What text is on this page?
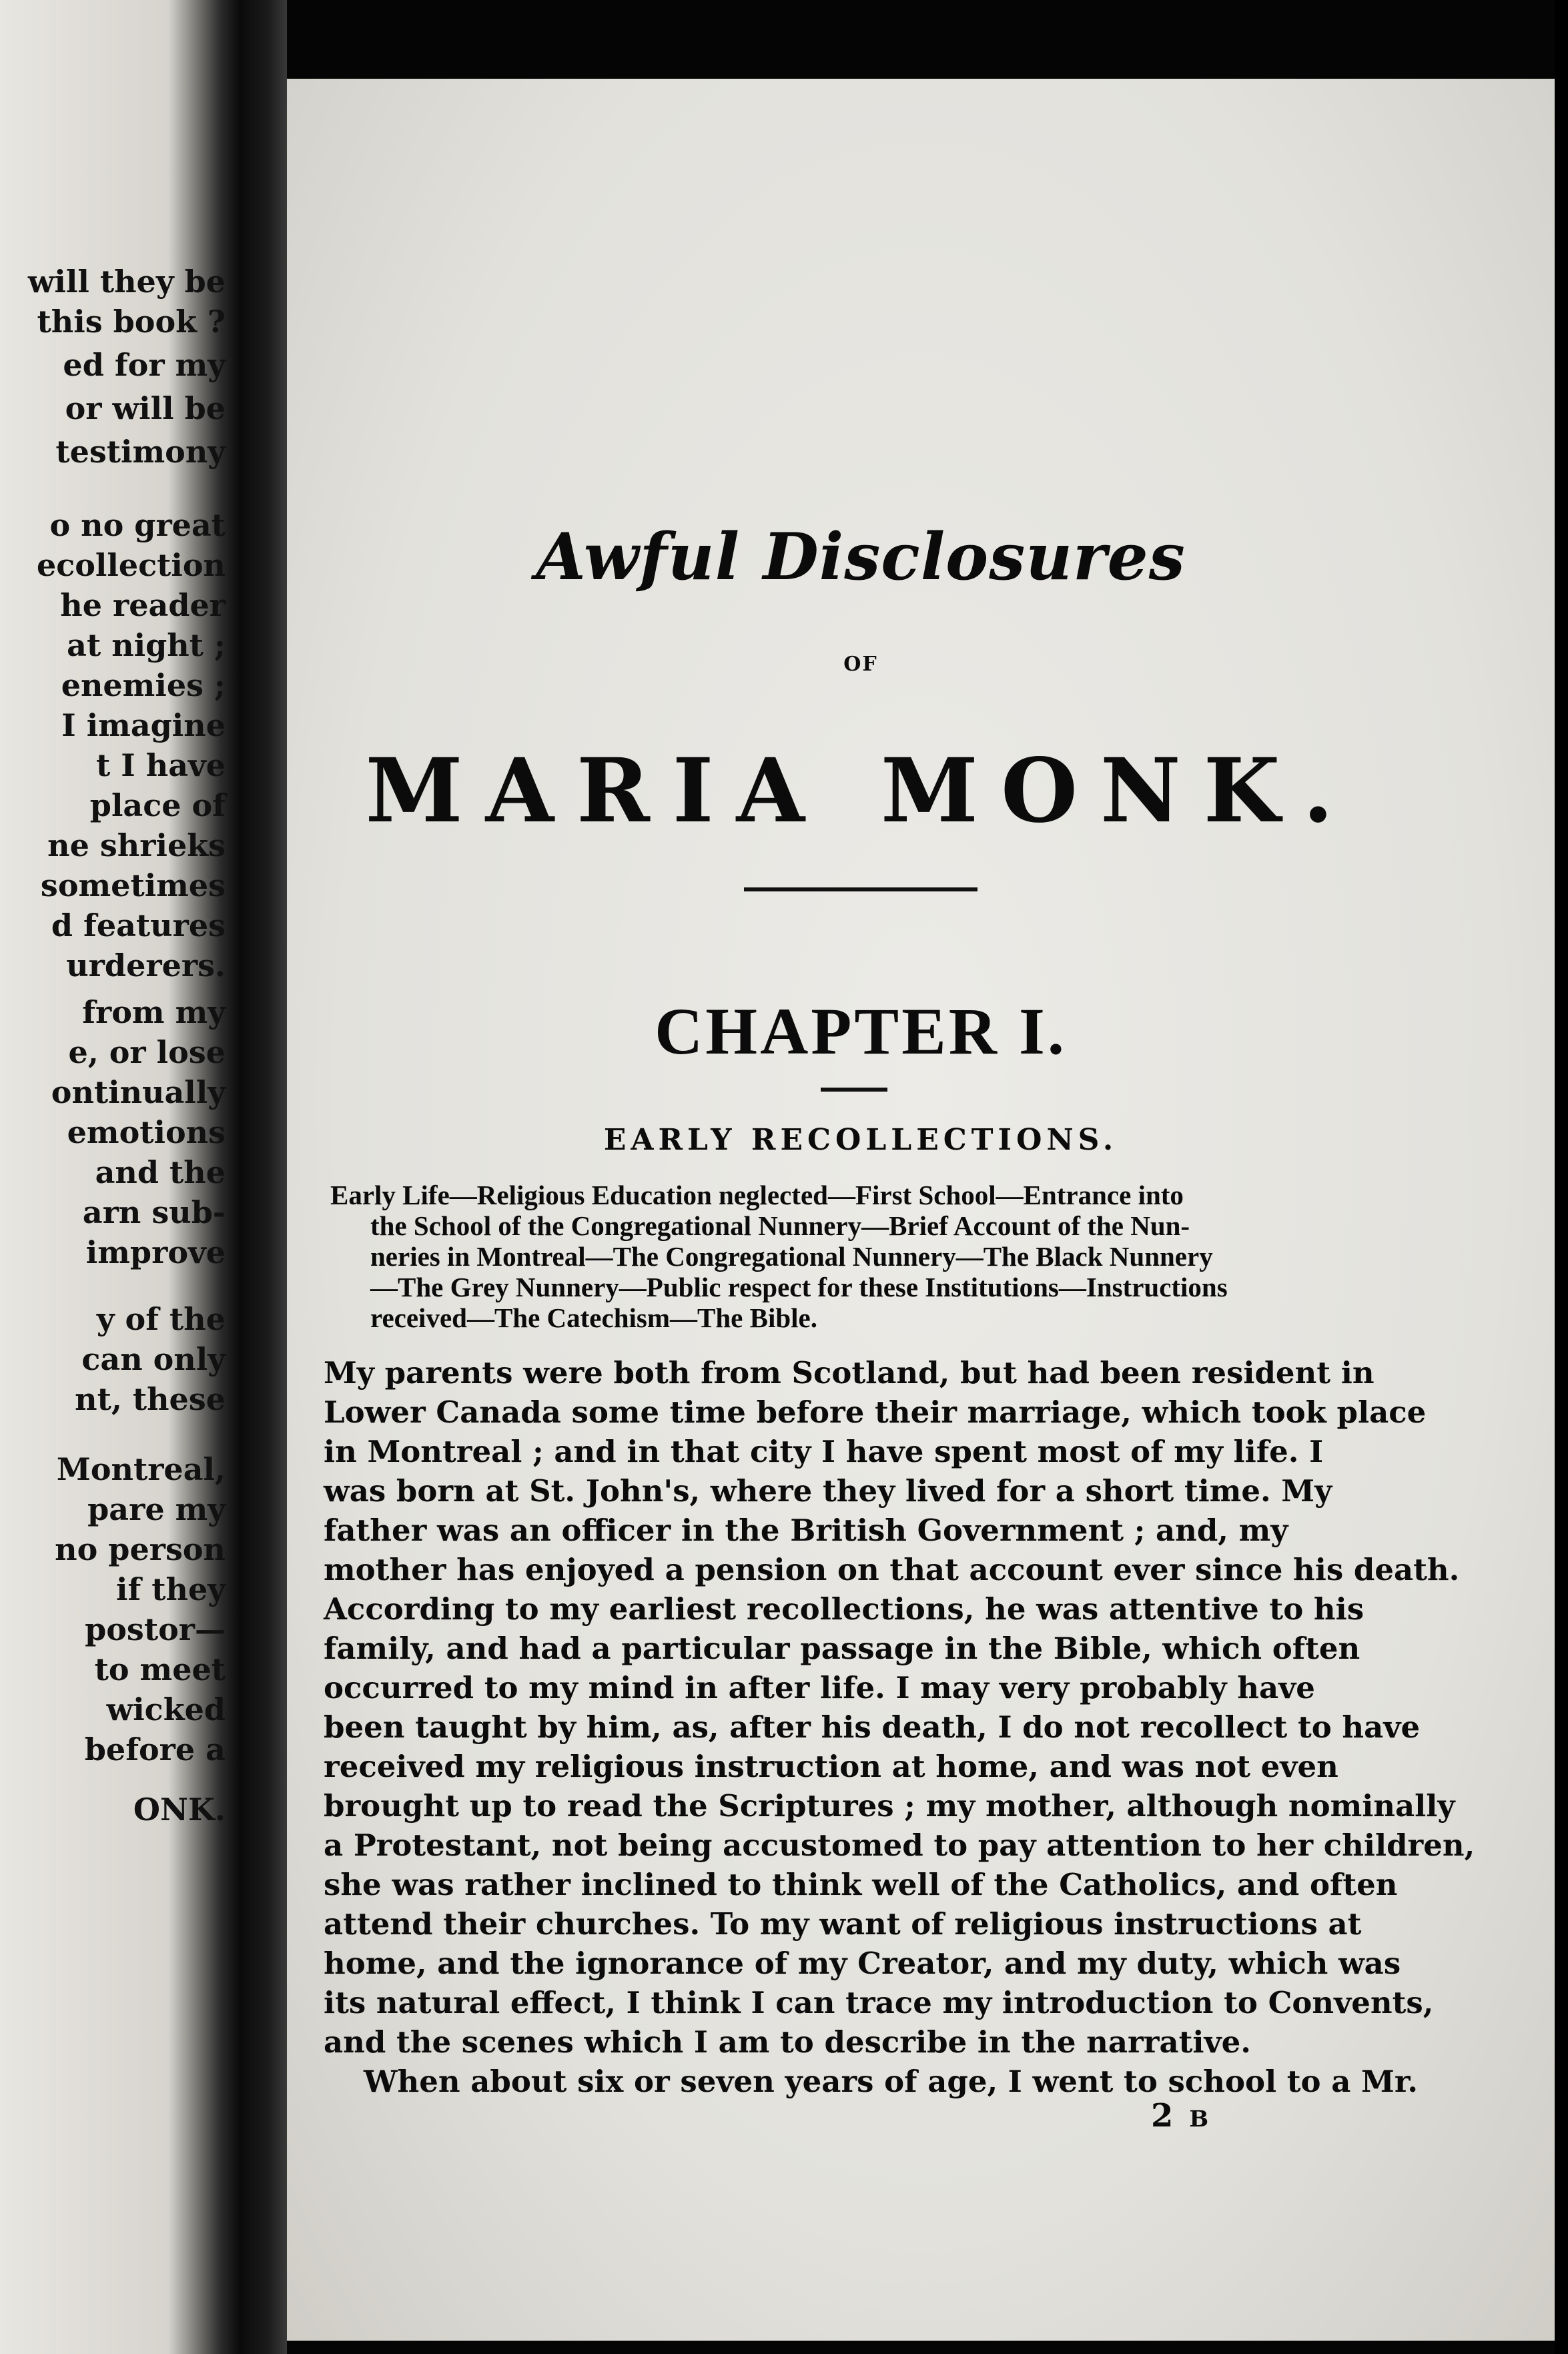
will they be
this book ?
ed for my
or will be
testimony
o no great
ecollection
he reader
at night ;
enemies ;
I imagine
t I have
place of
ne shrieks
sometimes
d features
urderers.
from my
e, or lose
ontinually
emotions
and the
arn sub-
improve
y of the
can only
nt, these
Montreal,
pare my
no person
if they
postor—
to meet
wicked
before a
ONK.
Awful Disclosures
OF
MARIA MONK.
CHAPTER I.
EARLY RECOLLECTIONS.
Early Life—Religious Education neglected—First School—Entrance into
the School of the Congregational Nunnery—Brief Account of the Nun-
neries in Montreal—The Congregational Nunnery—The Black Nunnery
—The Grey Nunnery—Public respect for these Institutions—Instructions
received—The Catechism—The Bible.
My parents were both from Scotland, but had been resident in
Lower Canada some time before their marriage, which took place
in Montreal ; and in that city I have spent most of my life. I
was born at St. John's, where they lived for a short time. My
father was an officer in the British Government ; and, my
mother has enjoyed a pension on that account ever since his death.
According to my earliest recollections, he was attentive to his
family, and had a particular passage in the Bible, which often
occurred to my mind in after life. I may very probably have
been taught by him, as, after his death, I do not recollect to have
received my religious instruction at home, and was not even
brought up to read the Scriptures ; my mother, although nominally
a Protestant, not being accustomed to pay attention to her children,
she was rather inclined to think well of the Catholics, and often
attend their churches. To my want of religious instructions at
home, and the ignorance of my Creator, and my duty, which was
its natural effect, I think I can trace my introduction to Convents,
and the scenes which I am to describe in the narrative.
When about six or seven years of age, I went to school to a Mr.
2 B
